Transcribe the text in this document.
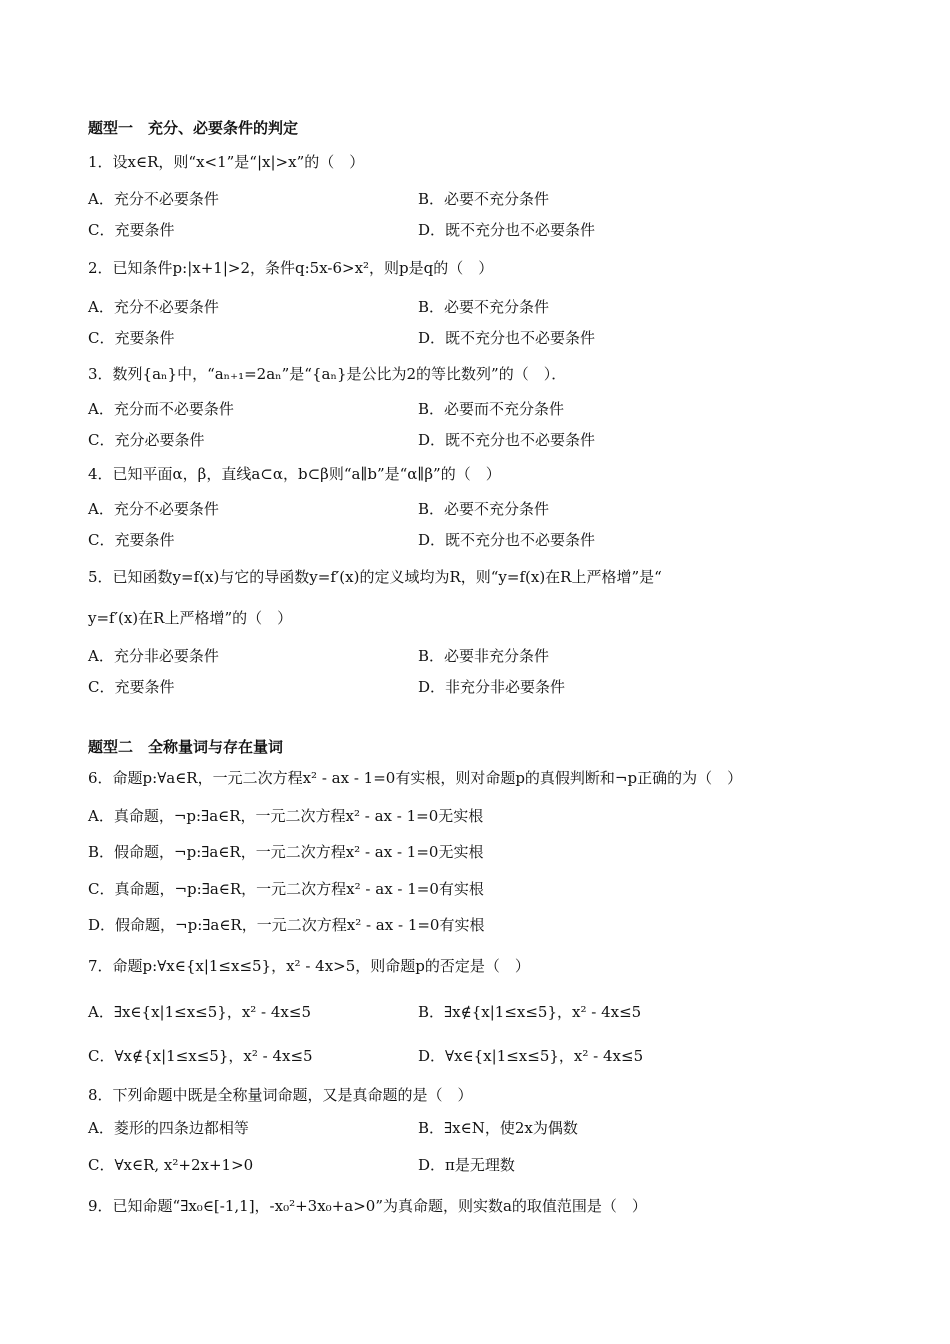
题型一　充分、必要条件的判定
1．设x∈R，则“x<1”是“|x|>x”的（　）
A．充分不必要条件	B．必要不充分条件
C．充要条件	D．既不充分也不必要条件
2．已知条件p:|x+1|>2，条件q:5x-6>x²，则p是q的（　）
A．充分不必要条件	B．必要不充分条件
C．充要条件	D．既不充分也不必要条件
3．数列{aₙ}中，“aₙ₊₁=2aₙ”是“{aₙ}是公比为2的等比数列”的（　）．
A．充分而不必要条件	B．必要而不充分条件
C．充分必要条件	D．既不充分也不必要条件
4．已知平面α，β，直线a⊂α，b⊂β则“a∥b”是“α∥β”的（　）
A．充分不必要条件	B．必要不充分条件
C．充要条件	D．既不充分也不必要条件
5．已知函数y=f(x)与它的导函数y=f′(x)的定义域均为R，则“y=f(x)在R上严格增”是“
y=f′(x)在R上严格增”的（　）
A．充分非必要条件	B．必要非充分条件
C．充要条件	D．非充分非必要条件
题型二　全称量词与存在量词
6．命题p:∀a∈R，一元二次方程x² - ax - 1=0有实根，则对命题p的真假判断和¬p正确的为（　）
A．真命题，¬p:∃a∈R，一元二次方程x² - ax - 1=0无实根
B．假命题，¬p:∃a∈R，一元二次方程x² - ax - 1=0无实根
C．真命题，¬p:∃a∈R，一元二次方程x² - ax - 1=0有实根
D．假命题，¬p:∃a∈R，一元二次方程x² - ax - 1=0有实根
7．命题p:∀x∈{x|1≤x≤5}，x² - 4x>5，则命题p的否定是（　）
A．∃x∈{x|1≤x≤5}，x² - 4x≤5	B．∃x∉{x|1≤x≤5}，x² - 4x≤5
C．∀x∉{x|1≤x≤5}，x² - 4x≤5	D．∀x∈{x|1≤x≤5}，x² - 4x≤5
8．下列命题中既是全称量词命题，又是真命题的是（　）
A．菱形的四条边都相等	B．∃x∈N，使2x为偶数
C．∀x∈R, x²+2x+1>0	D．π是无理数
9．已知命题“∃x₀∈[-1,1]，-x₀²+3x₀+a>0”为真命题，则实数a的取值范围是（　）
